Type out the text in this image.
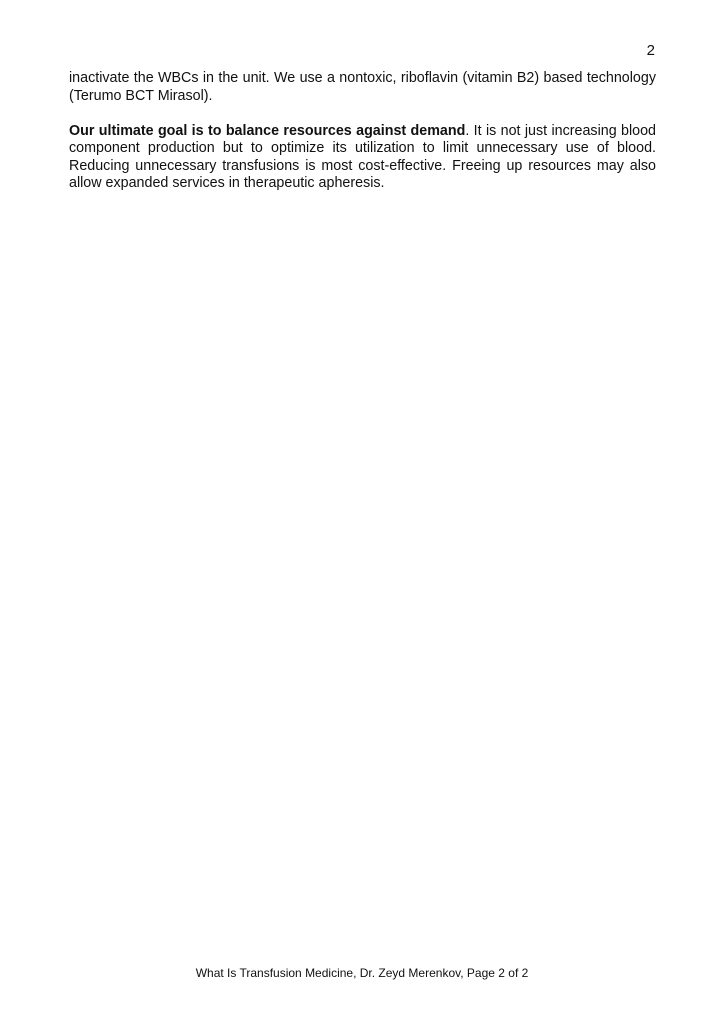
2

inactivate the WBCs in the unit. We use a nontoxic, riboflavin (vitamin B2) based technology (Terumo BCT Mirasol).

Our ultimate goal is to balance resources against demand. It is not just increasing blood component production but to optimize its utilization to limit unnecessary use of blood. Reducing unnecessary transfusions is most cost-effective. Freeing up resources may also allow expanded services in therapeutic apheresis.

What Is Transfusion Medicine, Dr. Zeyd Merenkov, Page 2 of 2
